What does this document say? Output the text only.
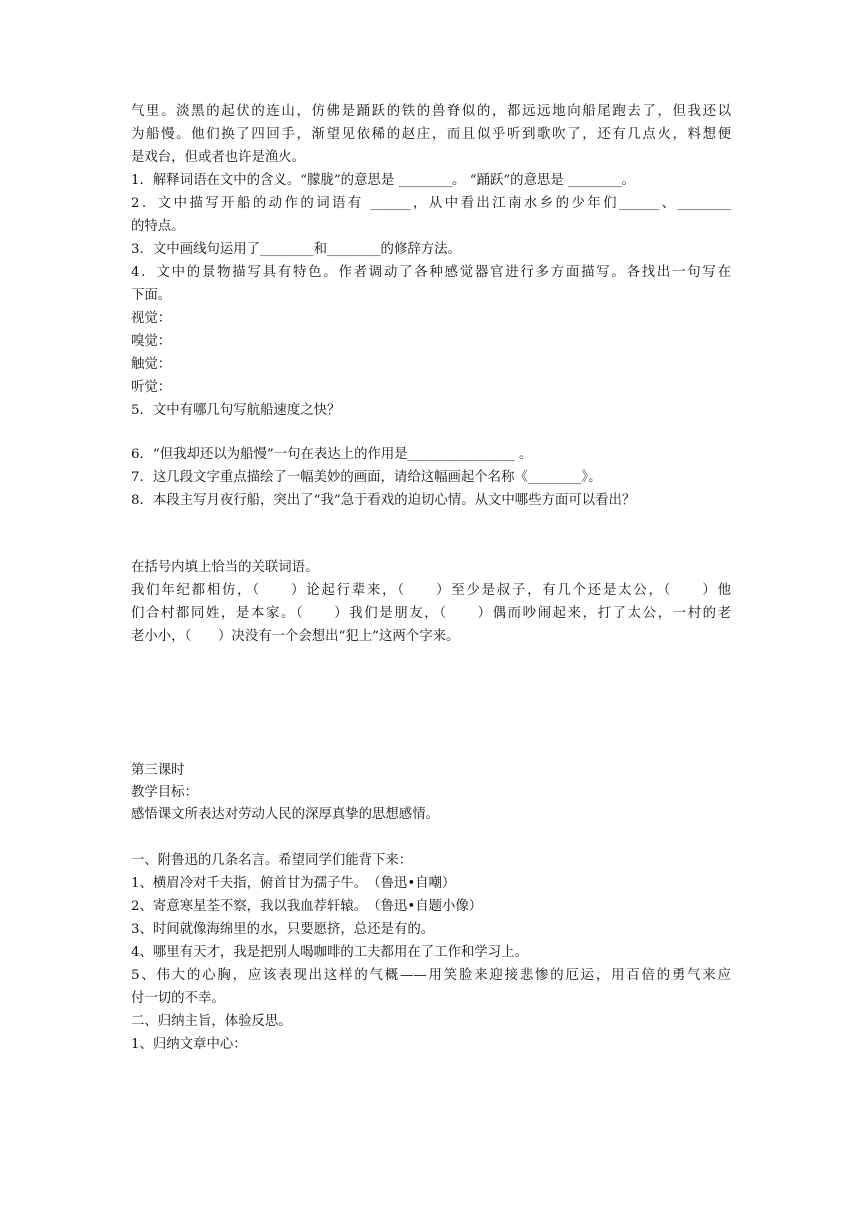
气里。淡黑的起伏的连山，仿佛是踊跃的铁的兽脊似的，都远远地向船尾跑去了，但我还以
为船慢。他们换了四回手，渐望见依稀的赵庄，而且似乎听到歌吹了，还有几点火，料想便
是戏台，但或者也许是渔火。
1．解释词语在文中的含义。“朦胧”的意思是 ________。 “踊跃”的意思是 ________。
2．文中描写开船的动作的词语有 ______，从中看出江南水乡的少年们______、________
的特点。
3．文中画线句运用了________和________的修辞方法。
4．文中的景物描写具有特色。作者调动了各种感觉器官进行多方面描写。各找出一句写在
下面。
视觉：
嗅觉：
触觉：
听觉：
5．文中有哪几句写航船速度之快？
6．“但我却还以为船慢”一句在表达上的作用是________________ 。
7．这几段文字重点描绘了一幅美妙的画面，请给这幅画起个名称《________》。
8．本段主写月夜行船，突出了“我”急于看戏的迫切心情。从文中哪些方面可以看出？
在括号内填上恰当的关联词语。
我们年纪都相仿，（　　）论起行辈来，（　　）至少是叔子，有几个还是太公，（　　）他
们合村都同姓，是本家。（　　）我们是朋友，（　　）偶而吵闹起来，打了太公，一村的老
老小小，（　　）决没有一个会想出“犯上”这两个字来。
第三课时
教学目标：
感悟课文所表达对劳动人民的深厚真挚的思想感情。
一、附鲁迅的几条名言。希望同学们能背下来：
1、横眉冷对千夫指，俯首甘为孺子牛。　（鲁迅•自嘲）
2、寄意寒星荃不察，我以我血荐轩辕。　（鲁迅•自题小像）
3、时间就像海绵里的水，只要愿挤，总还是有的。
4、哪里有天才，我是把别人喝咖啡的工夫都用在了工作和学习上。
5、伟大的心胸，应该表现出这样的气概——用笑脸来迎接悲惨的厄运，用百倍的勇气来应
付一切的不幸。
二、归纳主旨，体验反思。
1、归纳文章中心：
